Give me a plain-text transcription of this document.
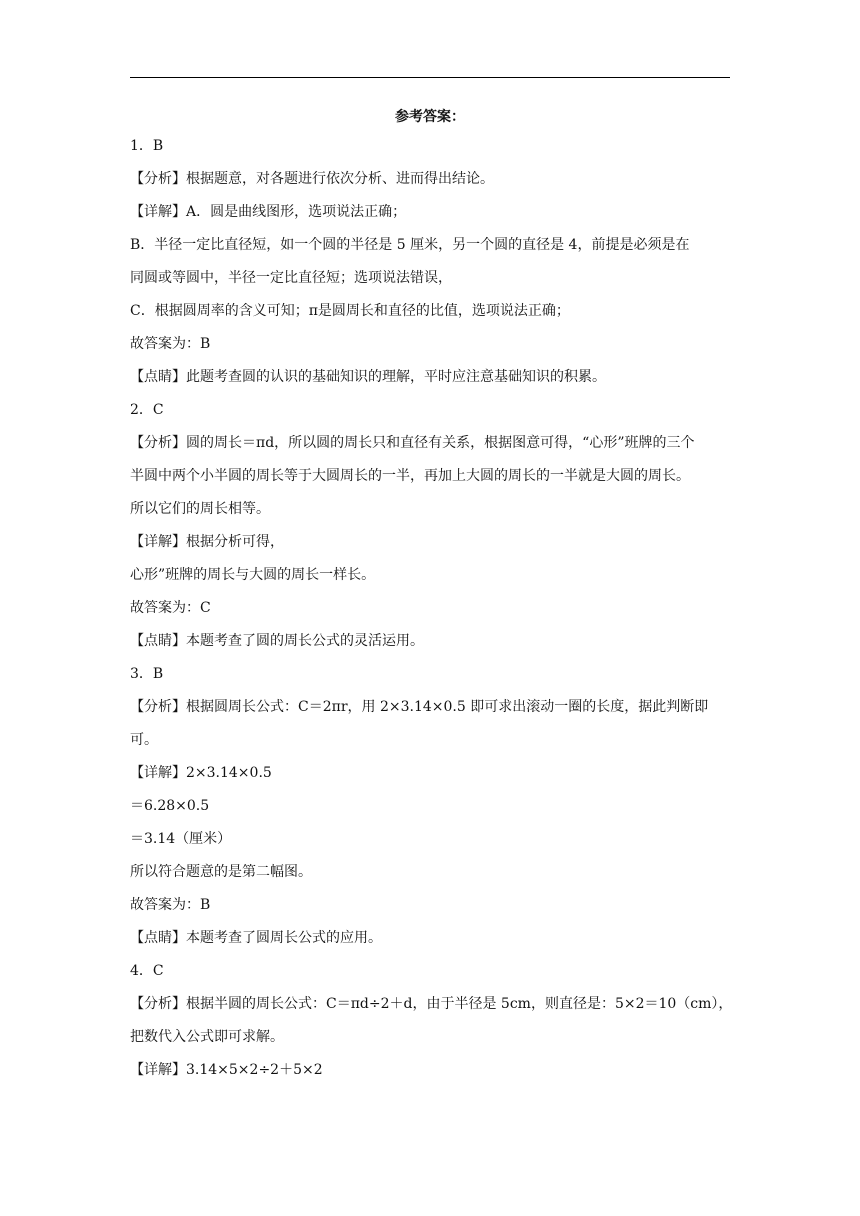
参考答案：
1．B
【分析】根据题意，对各题进行依次分析、进而得出结论。
【详解】A．圆是曲线图形，选项说法正确；
B．半径一定比直径短，如一个圆的半径是 5 厘米，另一个圆的直径是 4，前提是必须是在
同圆或等圆中，半径一定比直径短；选项说法错误，
C．根据圆周率的含义可知；π是圆周长和直径的比值，选项说法正确；
故答案为：B
【点睛】此题考查圆的认识的基础知识的理解，平时应注意基础知识的积累。
2．C
【分析】圆的周长＝πd，所以圆的周长只和直径有关系，根据图意可得，“心形”班牌的三个
半圆中两个小半圆的周长等于大圆周长的一半，再加上大圆的周长的一半就是大圆的周长。
所以它们的周长相等。
【详解】根据分析可得，
心形”班牌的周长与大圆的周长一样长。
故答案为：C
【点睛】本题考查了圆的周长公式的灵活运用。
3．B
【分析】根据圆周长公式：C＝2πr，用 2×3.14×0.5 即可求出滚动一圈的长度，据此判断即
可。
【详解】2×3.14×0.5
＝6.28×0.5
＝3.14（厘米）
所以符合题意的是第二幅图。
故答案为：B
【点睛】本题考查了圆周长公式的应用。
4．C
【分析】根据半圆的周长公式：C＝πd÷2＋d，由于半径是 5cm，则直径是：5×2＝10（cm），
把数代入公式即可求解。
【详解】3.14×5×2÷2＋5×2
